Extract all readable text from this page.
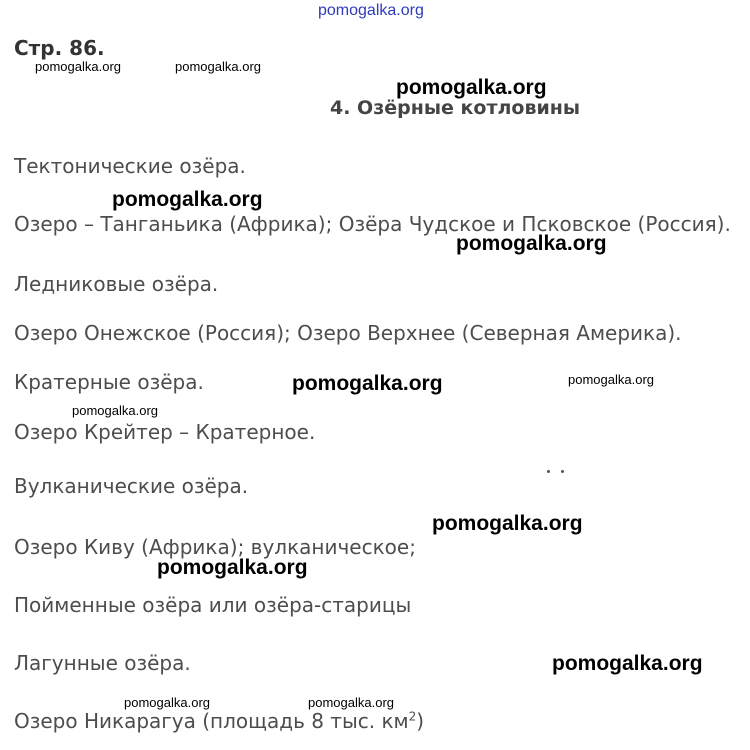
pomogalka.org
Стр. 86.
4. Озёрные котловины
Тектонические озёра.
Озеро – Танганьика (Африка); Озёра Чудское и Псковское (Россия).
Ледниковые озёра.
Озеро Онежское (Россия); Озеро Верхнее (Северная Америка).
Кратерные озёра.
Озеро Крейтер – Кратерное.
Вулканические озёра.
Озеро Киву (Африка); вулканическое;
Пойменные озёра или озёра-старицы
Лагунные озёра.
Озеро Никарагуа (площадь 8 тыс. $км^2$)
pomogalka.org	pomogalka.org
pomogalka.org
pomogalka.org
pomogalka.org
pomogalka.org	pomogalka.org
pomogalka.org
pomogalka.org
pomogalka.org
pomogalka.org
pomogalka.org	pomogalka.org
